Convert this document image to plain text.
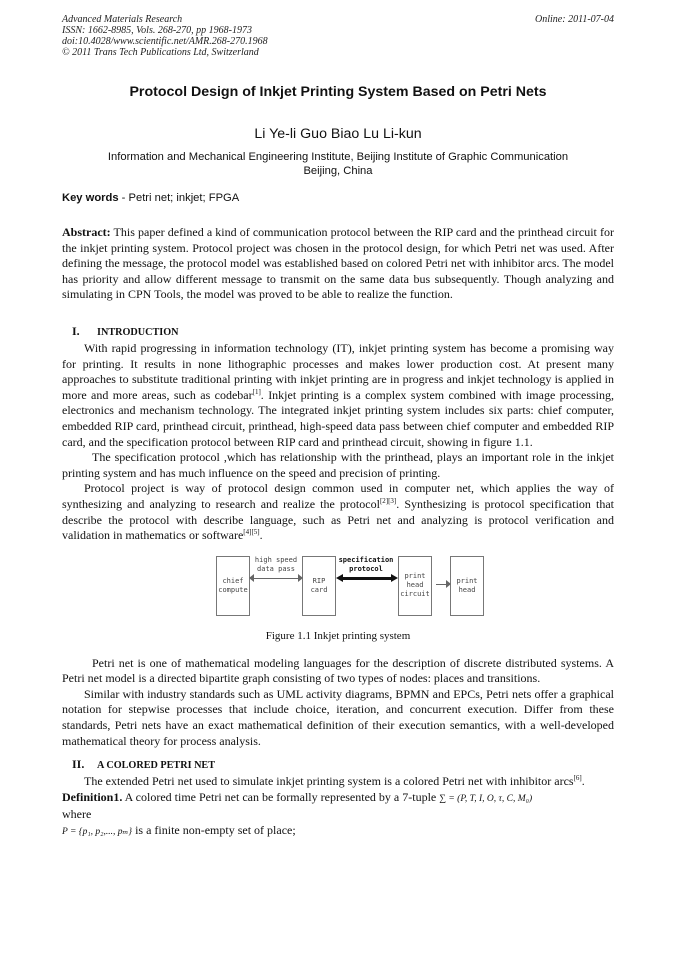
Advanced Materials Research
ISSN: 1662-8985, Vols. 268-270, pp 1968-1973
doi:10.4028/www.scientific.net/AMR.268-270.1968
© 2011 Trans Tech Publications Ltd, Switzerland
Online: 2011-07-04
Protocol Design of Inkjet Printing System Based on Petri Nets
Li Ye-li Guo Biao Lu Li-kun
Information and Mechanical Engineering Institute, Beijing Institute of Graphic Communication
Beijing, China
Key words - Petri net; inkjet; FPGA

Abstract: This paper defined a kind of communication protocol between the RIP card and the printhead circuit for the inkjet printing system. Protocol project was chosen in the protocol design, for which Petri net was used. After defining the message, the protocol model was established based on colored Petri net with inhibitor arcs. The model has priority and allow different message to transmit on the same data bus subsequently. Though analyzing and simulating in CPN Tools, the model was proved to be able to realize the function.

I.	INTRODUCTION

With rapid progressing in information technology (IT), inkjet printing system has become a promising way for printing. It results in none lithographic processes and makes lower production cost. At present many approaches to substitute traditional printing with inkjet printing are in progress and inkjet technology is applied in more and more areas, such as codebar[1]. Inkjet printing is a complex system combined with image processing, electronics and mechanism technology. The integrated inkjet printing system includes six parts: chief computer, embedded RIP card, printhead circuit, printhead, high-speed data pass between chief computer and embedded RIP card, and the specification protocol between RIP card and printhead circuit, showing in figure 1.1.

The specification protocol ,which has relationship with the printhead, plays an important role in the inkjet printing system and has much influence on the speed and precision of printing.

Protocol project is way of protocol design common used in computer net, which applies the way of synthesizing and analyzing to research and realize the protocol[2][3]. Synthesizing is protocol specification that describe the protocol with describe language, such as Petri net and analyzing is protocol verification and validation in mathematics or software[4][5].

chief compute
RIP card
print head circuit
print head
high speed data pass
specification protocol
Figure 1.1 Inkjet printing system

Petri net is one of mathematical modeling languages for the description of discrete distributed systems. A Petri net model is a directed bipartite graph consisting of two types of nodes: places and transitions.

Similar with industry standards such as UML activity diagrams, BPMN and EPCs, Petri nets offer a graphical notation for stepwise processes that include choice, iteration, and concurrent execution. Differ from these standards, Petri nets have an exact mathematical definition of their execution semantics, with a well-developed mathematical theory for process analysis.

II.	A COLORED PETRI NET

The extended Petri net used to simulate inkjet printing system is a colored Petri net with inhibitor arcs[6].

Definition1. A colored time Petri net can be formally represented by a 7-tuple ∑ = (P, T, I, O, τ, C, M₀)

where

P = {p₁, p₂,..., pₘ} is a finite non-empty set of place;
